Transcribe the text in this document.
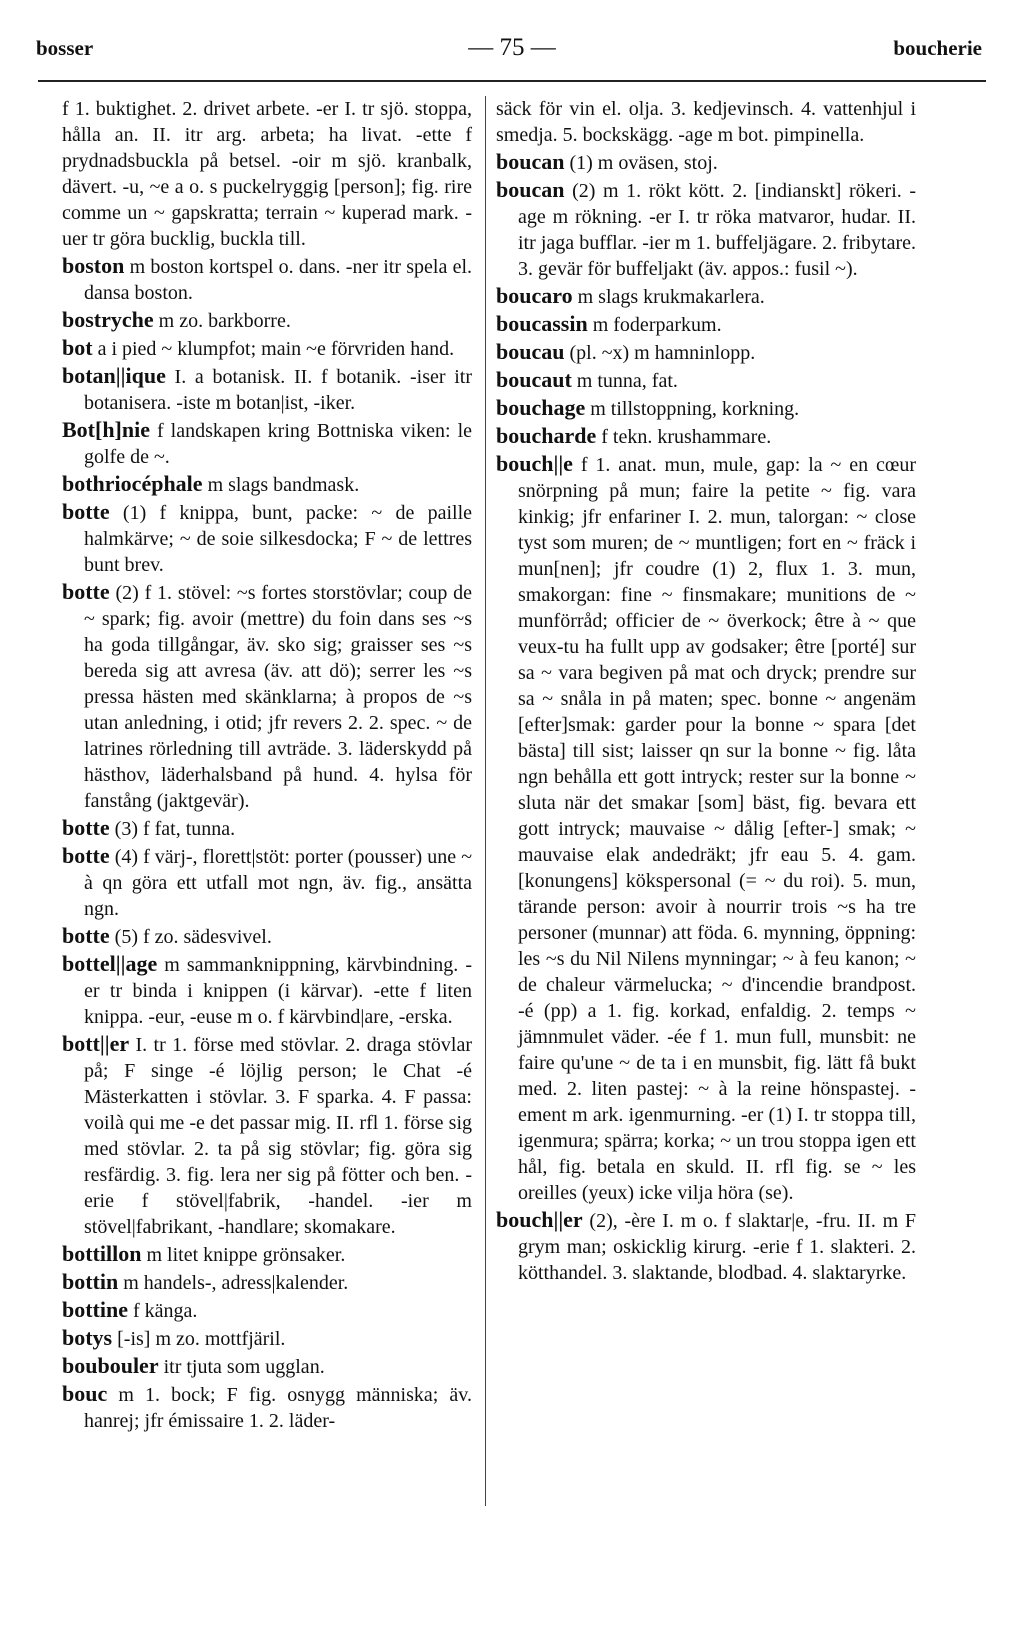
bosser	— 75 —	boucherie
f 1. buktighet. 2. drivet arbete. -er I. tr sjö. stoppa, hålla an. II. itr arg. arbeta; ha livat. -ette f prydnadsbuckla på betsel. -oir m sjö. kranbalk, dävert. -u, ~e a o. s puckelryggig [person]; fig. rire comme un ~ gapskratta; terrain ~ kuperad mark. -uer tr göra bucklig, buckla till.
boston m boston kortspel o. dans. -ner itr spela el. dansa boston.
bostryche m zo. barkborre.
bot a i pied ~ klumpfot; main ~e förvriden hand.
botan||ique I. a botanisk. II. f botanik. -iser itr botanisera. -iste m botan|ist, -iker.
Bot[h]nie f landskapen kring Bottniska viken: le golfe de ~.
bothriocéphale m slags bandmask.
botte (1) f knippa, bunt, packe: ~ de paille halmkärve; ~ de soie silkesdocka; F ~ de lettres bunt brev.
botte (2) f 1. stövel: ~s fortes storstövlar; coup de ~ spark; fig. avoir (mettre) du foin dans ses ~s ha goda tillgångar, äv. sko sig; graisser ses ~s bereda sig att avresa (äv. att dö); serrer les ~s pressa hästen med skänklarna; à propos de ~s utan anledning, i otid; jfr revers 2. 2. spec. ~ de latrines rörledning till avträde. 3. läderskydd på hästhov, läderhalsband på hund. 4. hylsa för fanstång (jaktgevär).
botte (3) f fat, tunna.
botte (4) f värj-, florett|stöt: porter (pousser) une ~ à qn göra ett utfall mot ngn, äv. fig., ansätta ngn.
botte (5) f zo. sädesvivel.
bottel||age m sammanknippning, kärvbindning. -er tr binda i knippen (i kärvar). -ette f liten knippa. -eur, -euse m o. f kärvbind|are, -erska.
bott||er I. tr 1. förse med stövlar. 2. draga stövlar på; F singe -é löjlig person; le Chat -é Mästerkatten i stövlar. 3. F sparka. 4. F passa: voilà qui me -e det passar mig. II. rfl 1. förse sig med stövlar. 2. ta på sig stövlar; fig. göra sig resfärdig. 3. fig. lera ner sig på fötter och ben. -erie f stövel|fabrik, -handel. -ier m stövel|fabrikant, -handlare; skomakare.
bottillon m litet knippe grönsaker.
bottin m handels-, adress|kalender.
bottine f känga.
botys [-is] m zo. mottfjäril.
boubouler itr tjuta som ugglan.
bouc m 1. bock; F fig. osnygg människa; äv. hanrej; jfr émissaire 1. 2. läder-
säck för vin el. olja. 3. kedjevinsch. 4. vattenhjul i smedja. 5. bockskägg. -age m bot. pimpinella.
boucan (1) m oväsen, stoj.
boucan (2) m 1. rökt kött. 2. [indianskt] rökeri. -age m rökning. -er I. tr röka matvaror, hudar. II. itr jaga bufflar. -ier m 1. buffeljägare. 2. fribytare. 3. gevär för buffeljakt (äv. appos.: fusil ~).
boucaro m slags krukmakarlera.
boucassin m foderparkum.
boucau (pl. ~x) m hamninlopp.
boucaut m tunna, fat.
bouchage m tillstoppning, korkning.
boucharde f tekn. krushammare.
bouch||e f 1. anat. mun, mule, gap: la ~ en cœur snörpning på mun; faire la petite ~ fig. vara kinkig; jfr enfariner I. 2. mun, talorgan: ~ close tyst som muren; de ~ muntligen; fort en ~ fräck i mun[nen]; jfr coudre (1) 2, flux 1. 3. mun, smakorgan: fine ~ finsmakare; munitions de ~ munförråd; officier de ~ överkock; être à ~ que veux-tu ha fullt upp av godsaker; être [porté] sur sa ~ vara begiven på mat och dryck; prendre sur sa ~ snåla in på maten; spec. bonne ~ angenäm [efter]smak: garder pour la bonne ~ spara [det bästa] till sist; laisser qn sur la bonne ~ fig. låta ngn behålla ett gott intryck; rester sur la bonne ~ sluta när det smakar [som] bäst, fig. bevara ett gott intryck; mauvaise ~ dålig [efter-] smak; ~ mauvaise elak andedräkt; jfr eau 5. 4. gam. [konungens] kökspersonal (= ~ du roi). 5. mun, tärande person: avoir à nourrir trois ~s ha tre personer (munnar) att föda. 6. mynning, öppning: les ~s du Nil Nilens mynningar; ~ à feu kanon; ~ de chaleur värmelucka; ~ d'incendie brandpost. -é (pp) a 1. fig. korkad, enfaldig. 2. temps ~ jämnmulet väder. -ée f 1. mun full, munsbit: ne faire qu'une ~ de ta i en munsbit, fig. lätt få bukt med. 2. liten pastej: ~ à la reine hönspastej. -ement m ark. igenmurning. -er (1) I. tr stoppa till, igenmura; spärra; korka; ~ un trou stoppa igen ett hål, fig. betala en skuld. II. rfl fig. se ~ les oreilles (yeux) icke vilja höra (se).
bouch||er (2), -ère I. m o. f slaktar|e, -fru. II. m F grym man; oskicklig kirurg. -erie f 1. slakteri. 2. kötthandel. 3. slaktande, blodbad. 4. slaktaryrke.
